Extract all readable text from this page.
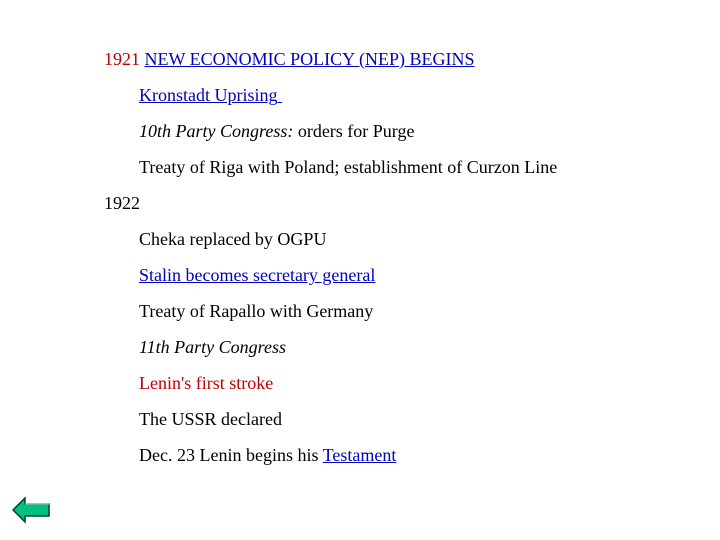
1921 NEW ECONOMIC POLICY (NEP) BEGINS
Kronstadt Uprising
10th Party Congress: orders for Purge
Treaty of Riga with Poland; establishment of Curzon Line
1922
Cheka replaced by OGPU
Stalin becomes secretary general
Treaty of Rapallo with Germany
11th Party Congress
Lenin's first stroke
The USSR declared
Dec. 23 Lenin begins his Testament
